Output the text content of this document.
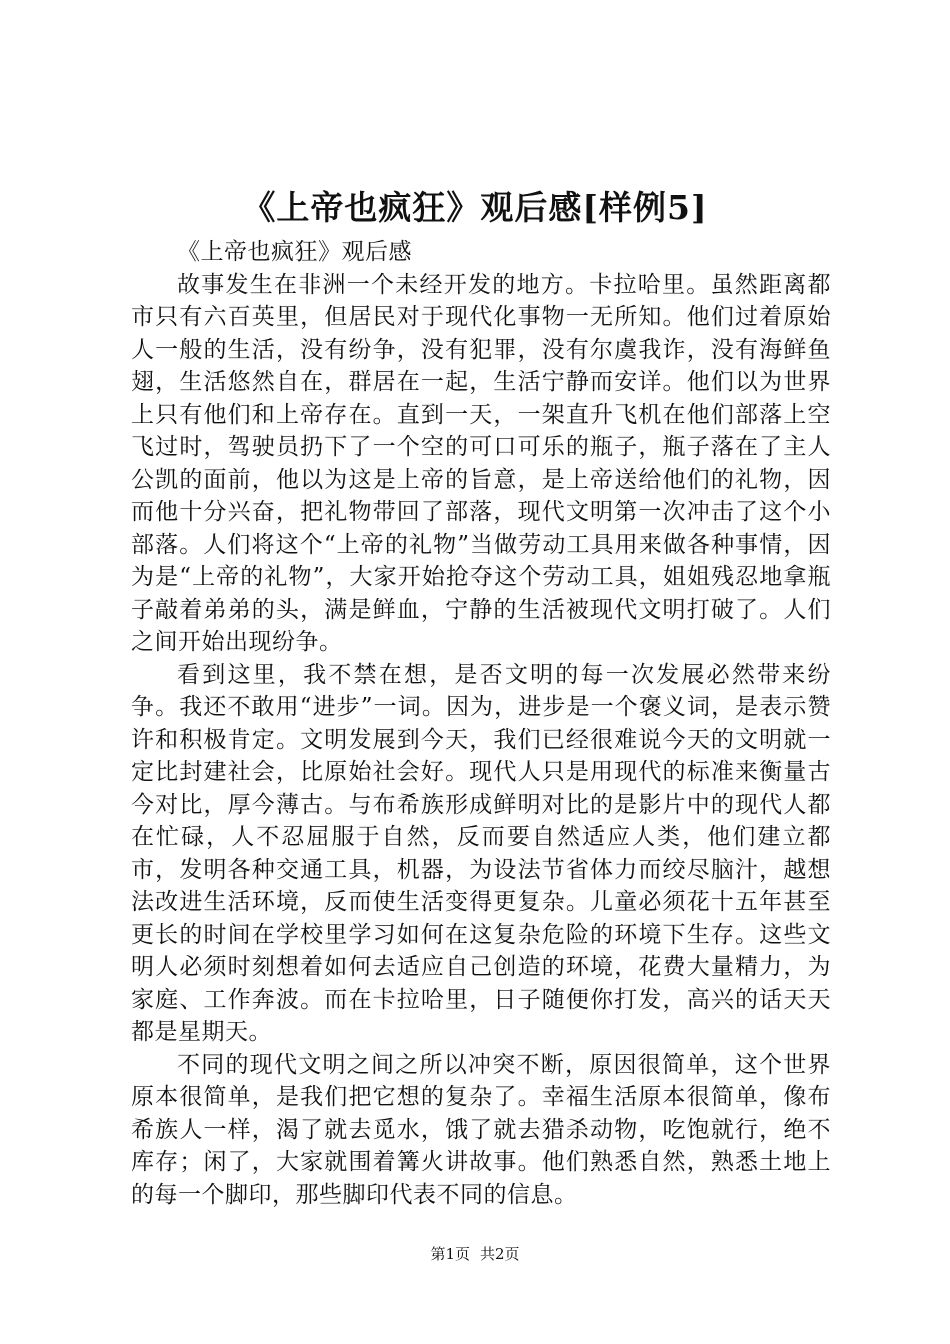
《上帝也疯狂》观后感[样例5]

《上帝也疯狂》观后感

故事发生在非洲一个未经开发的地方。卡拉哈里。虽然距离都市只有六百英里，但居民对于现代化事物一无所知。他们过着原始人一般的生活，没有纷争，没有犯罪，没有尔虞我诈，没有海鲜鱼翅，生活悠然自在，群居在一起，生活宁静而安详。他们以为世界上只有他们和上帝存在。直到一天，一架直升飞机在他们部落上空飞过时，驾驶员扔下了一个空的可口可乐的瓶子，瓶子落在了主人公凯的面前，他以为这是上帝的旨意，是上帝送给他们的礼物，因而他十分兴奋，把礼物带回了部落，现代文明第一次冲击了这个小部落。人们将这个“上帝的礼物”当做劳动工具用来做各种事情，因为是“上帝的礼物”，大家开始抢夺这个劳动工具，姐姐残忍地拿瓶子敲着弟弟的头，满是鲜血，宁静的生活被现代文明打破了。人们之间开始出现纷争。

看到这里，我不禁在想，是否文明的每一次发展必然带来纷争。我还不敢用“进步”一词。因为，进步是一个褒义词，是表示赞许和积极肯定。文明发展到今天，我们已经很难说今天的文明就一定比封建社会，比原始社会好。现代人只是用现代的标准来衡量古今对比，厚今薄古。与布希族形成鲜明对比的是影片中的现代人都在忙碌，人不忍屈服于自然，反而要自然适应人类，他们建立都市，发明各种交通工具，机器，为设法节省体力而绞尽脑汁，越想法改进生活环境，反而使生活变得更复杂。儿童必须花十五年甚至更长的时间在学校里学习如何在这复杂危险的环境下生存。这些文明人必须时刻想着如何去适应自己创造的环境，花费大量精力，为家庭、工作奔波。而在卡拉哈里，日子随便你打发，高兴的话天天都是星期天。

不同的现代文明之间之所以冲突不断，原因很简单，这个世界原本很简单，是我们把它想的复杂了。幸福生活原本很简单，像布希族人一样，渴了就去觅水，饿了就去猎杀动物，吃饱就行，绝不库存；闲了，大家就围着篝火讲故事。他们熟悉自然，熟悉土地上的每一个脚印，那些脚印代表不同的信息。

第1页 共2页
